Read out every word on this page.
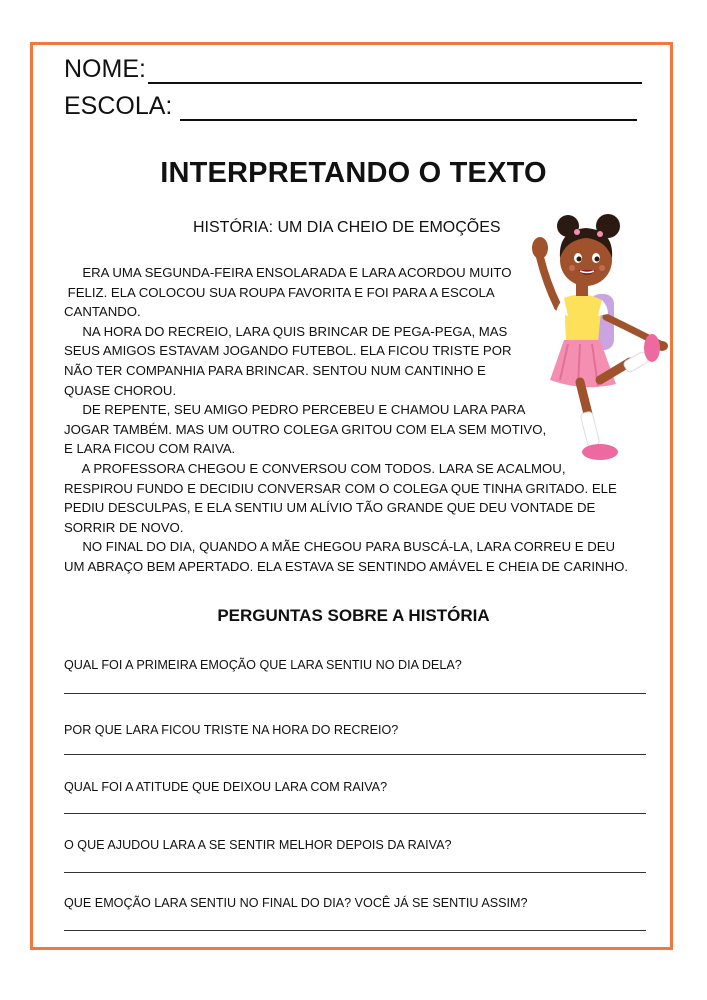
NOME:
ESCOLA:
INTERPRETANDO O TEXTO
HISTÓRIA: UM DIA CHEIO DE EMOÇÕES
ERA UMA SEGUNDA-FEIRA ENSOLARADA E LARA ACORDOU MUITO
FELIZ. ELA COLOCOU SUA ROUPA FAVORITA E FOI PARA A ESCOLA
CANTANDO.
NA HORA DO RECREIO, LARA QUIS BRINCAR DE PEGA-PEGA, MAS
SEUS AMIGOS ESTAVAM JOGANDO FUTEBOL. ELA FICOU TRISTE POR
NÃO TER COMPANHIA PARA BRINCAR. SENTOU NUM CANTINHO E
QUASE CHOROU.
DE REPENTE, SEU AMIGO PEDRO PERCEBEU E CHAMOU LARA PARA
JOGAR TAMBÉM. MAS UM OUTRO COLEGA GRITOU COM ELA SEM MOTIVO,
E LARA FICOU COM RAIVA.
A PROFESSORA CHEGOU E CONVERSOU COM TODOS. LARA SE ACALMOU,
RESPIROU FUNDO E DECIDIU CONVERSAR COM O COLEGA QUE TINHA GRITADO. ELE
PEDIU DESCULPAS, E ELA SENTIU UM ALÍVIO TÃO GRANDE QUE DEU VONTADE DE
SORRIR DE NOVO.
NO FINAL DO DIA, QUANDO A MÃE CHEGOU PARA BUSCÁ-LA, LARA CORREU E DEU
UM ABRAÇO BEM APERTADO. ELA ESTAVA SE SENTINDO AMÁVEL E CHEIA DE CARINHO.
PERGUNTAS SOBRE A HISTÓRIA
QUAL FOI A PRIMEIRA EMOÇÃO QUE LARA SENTIU NO DIA DELA?
POR QUE LARA FICOU TRISTE NA HORA DO RECREIO?
QUAL FOI A ATITUDE QUE DEIXOU LARA COM RAIVA?
O QUE AJUDOU LARA A SE SENTIR MELHOR DEPOIS DA RAIVA?
QUE EMOÇÃO LARA SENTIU NO FINAL DO DIA? VOCÊ JÁ SE SENTIU ASSIM?
